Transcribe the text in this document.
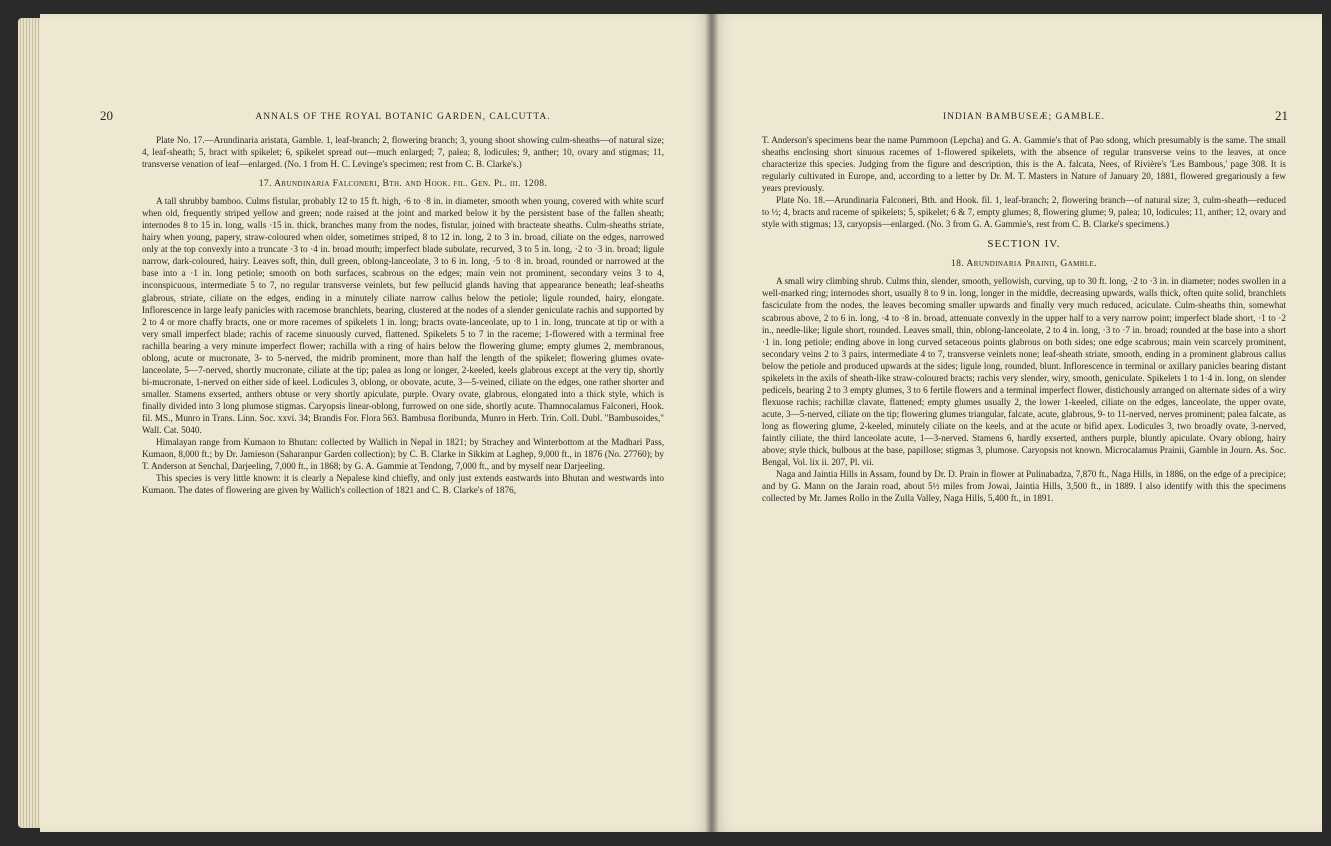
20	ANNALS OF THE ROYAL BOTANIC GARDEN, CALCUTTA.

Plate No. 17.—Arundinaria aristata, Gamble. 1, leaf-branch; 2, flowering branch; 3, young shoot showing culm-sheaths—of natural size; 4, leaf-sheath; 5, bract with spikelet; 6, spikelet spread out—much enlarged; 7, palea; 8, lodicules; 9, anther; 10, ovary and stigmas; 11, transverse venation of leaf—enlarged. (No. 1 from H. C. Levinge's specimen; rest from C. B. Clarke's.)

17. Arundinaria Falconeri, Bth. and Hook. fil. Gen. Pl. iii. 1208.

A tall shrubby bamboo. Culms fistular, probably 12 to 15 ft. high, ·6 to ·8 in. in diameter, smooth when young, covered with white scurf when old, frequently striped yellow and green; node raised at the joint and marked below it by the persistent base of the fallen sheath; internodes 8 to 15 in. long, walls ·15 in. thick, branches many from the nodes, fistular, joined with bracteate sheaths. Culm-sheaths striate, hairy when young, papery, straw-coloured when older, sometimes striped, 8 to 12 in. long, 2 to 3 in. broad, ciliate on the edges, narrowed only at the top convexly into a truncate ·3 to ·4 in. broad mouth; imperfect blade subulate, recurved, 3 to 5 in. long, ·2 to ·3 in. broad; ligule narrow, dark-coloured, hairy. Leaves soft, thin, dull green, oblong-lanceolate, 3 to 6 in. long, ·5 to ·8 in. broad, rounded or narrowed at the base into a ·1 in. long petiole; smooth on both surfaces, scabrous on the edges; main vein not prominent, secondary veins 3 to 4, inconspicuous, intermediate 5 to 7, no regular transverse veinlets, but few pellucid glands having that appearance beneath; leaf-sheaths glabrous, striate, ciliate on the edges, ending in a minutely ciliate narrow callus below the petiole; ligule rounded, hairy, elongate. Inflorescence in large leafy panicles with racemose branchlets, bearing, clustered at the nodes of a slender geniculate rachis and supported by 2 to 4 or more chaffy bracts, one or more racemes of spikelets 1 in. long; bracts ovate-lanceolate, up to 1 in. long, truncate at tip or with a very small imperfect blade; rachis of raceme sinuously curved, flattened. Spikelets 5 to 7 in the raceme; 1-flowered with a terminal free rachilla bearing a very minute imperfect flower; rachilla with a ring of hairs below the flowering glume; empty glumes 2, membranous, oblong, acute or mucronate, 3- to 5-nerved, the midrib prominent, more than half the length of the spikelet; flowering glumes ovate-lanceolate, 5—7-nerved, shortly mucronate, ciliate at the tip; palea as long or longer, 2-keeled, keels glabrous except at the very tip, shortly bi-mucronate, 1-nerved on either side of keel. Lodicules 3, oblong, or obovate, acute, 3—5-veined, ciliate on the edges, one rather shorter and smaller. Stamens exserted, anthers obtuse or very shortly apiculate, purple. Ovary ovate, glabrous, elongated into a thick style, which is finally divided into 3 long plumose stigmas. Caryopsis linear-oblong, furrowed on one side, shortly acute. Thamnocalamus Falconeri, Hook. fil. MS., Munro in Trans. Linn. Soc. xxvi. 34; Brandis For. Flora 563. Bambusa floribunda, Munro in Herb. Trin. Coll. Dubl. "Bambusoides," Wall. Cat. 5040.

Himalayan range from Kumaon to Bhutan: collected by Wallich in Nepal in 1821; by Strachey and Winterbottom at the Madhari Pass, Kumaon, 8,000 ft.; by Dr. Jamieson (Saharanpur Garden collection); by C. B. Clarke in Sikkim at Laghep, 9,000 ft., in 1876 (No. 27760); by T. Anderson at Senchal, Darjeeling, 7,000 ft., in 1868; by G. A. Gammie at Tendong, 7,000 ft., and by myself near Darjeeling.

This species is very little known: it is clearly a Nepalese kind chiefly, and only just extends eastwards into Bhutan and westwards into Kumaon. The dates of flowering are given by Wallich's collection of 1821 and C. B. Clarke's of 1876,

INDIAN BAMBUSEÆ; GAMBLE.	21

T. Anderson's specimens bear the name Pummoon (Lepcha) and G. A. Gammie's that of Pao sdong, which presumably is the same. The small sheaths enclosing short sinuous racemes of 1-flowered spikelets, with the absence of regular transverse veins to the leaves, at once characterize this species. Judging from the figure and description, this is the A. falcata, Nees, of Rivière's 'Les Bambous,' page 308. It is regularly cultivated in Europe, and, according to a letter by Dr. M. T. Masters in Nature of January 20, 1881, flowered gregariously a few years previously.

Plate No. 18.—Arundinaria Falconeri, Bth. and Hook. fil. 1, leaf-branch; 2, flowering branch—of natural size; 3, culm-sheath—reduced to ½; 4, bracts and raceme of spikelets; 5, spikelet; 6 & 7, empty glumes; 8, flowering glume; 9, palea; 10, lodicules; 11, anther; 12, ovary and style with stigmas; 13, caryopsis—enlarged. (No. 3 from G. A. Gammie's, rest from C. B. Clarke's specimens.)

SECTION IV.
18. Arundinaria Prainii, Gamble.

A small wiry climbing shrub. Culms thin, slender, smooth, yellowish, curving, up to 30 ft. long, ·2 to ·3 in. in diameter; nodes swollen in a well-marked ring; internodes short, usually 8 to 9 in. long, longer in the middle, decreasing upwards, walls thick, often quite solid, branchlets fasciculate from the nodes, the leaves becoming smaller upwards and finally very much reduced, aciculate. Culm-sheaths thin, somewhat scabrous above, 2 to 6 in. long, ·4 to ·8 in. broad, attenuate convexly in the upper half to a very narrow point; imperfect blade short, ·1 to ·2 in., needle-like; ligule short, rounded. Leaves small, thin, oblong-lanceolate, 2 to 4 in. long, ·3 to ·7 in. broad; rounded at the base into a short ·1 in. long petiole; ending above in long curved setaceous points glabrous on both sides; one edge scabrous; main vein scarcely prominent, secondary veins 2 to 3 pairs, intermediate 4 to 7, transverse veinlets none; leaf-sheath striate, smooth, ending in a prominent glabrous callus below the petiole and produced upwards at the sides; ligule long, rounded, blunt. Inflorescence in terminal or axillary panicles bearing distant spikelets in the axils of sheath-like straw-coloured bracts; rachis very slender, wiry, smooth, geniculate. Spikelets 1 to 1·4 in. long, on slender pedicels, bearing 2 to 3 empty glumes, 3 to 6 fertile flowers and a terminal imperfect flower, distichously arranged on alternate sides of a wiry flexuose rachis; rachillæ clavate, flattened; empty glumes usually 2, the lower 1-keeled, ciliate on the edges, lanceolate, the upper ovate, acute, 3—5-nerved, ciliate on the tip; flowering glumes triangular, falcate, acute, glabrous, 9- to 11-nerved, nerves prominent; palea falcate, as long as flowering glume, 2-keeled, minutely ciliate on the keels, and at the acute or bifid apex. Lodicules 3, two broadly ovate, 3-nerved, faintly ciliate, the third lanceolate acute, 1—3-nerved. Stamens 6, hardly exserted, anthers purple, bluntly apiculate. Ovary oblong, hairy above; style thick, bulbous at the base, papillose; stigmas 3, plumose. Caryopsis not known. Microcalamus Prainii, Gamble in Journ. As. Soc. Bengal, Vol. lix ii. 207, Pl. vii.

Naga and Jaintia Hills in Assam, found by Dr. D. Prain in flower at Pulinabadza, 7,870 ft., Naga Hills, in 1886, on the edge of a precipice; and by G. Mann on the Jarain road, about 5½ miles from Jowai, Jaintia Hills, 3,500 ft., in 1889. I also identify with this the specimens collected by Mr. James Rollo in the Zulla Valley, Naga Hills, 5,400 ft., in 1891.
